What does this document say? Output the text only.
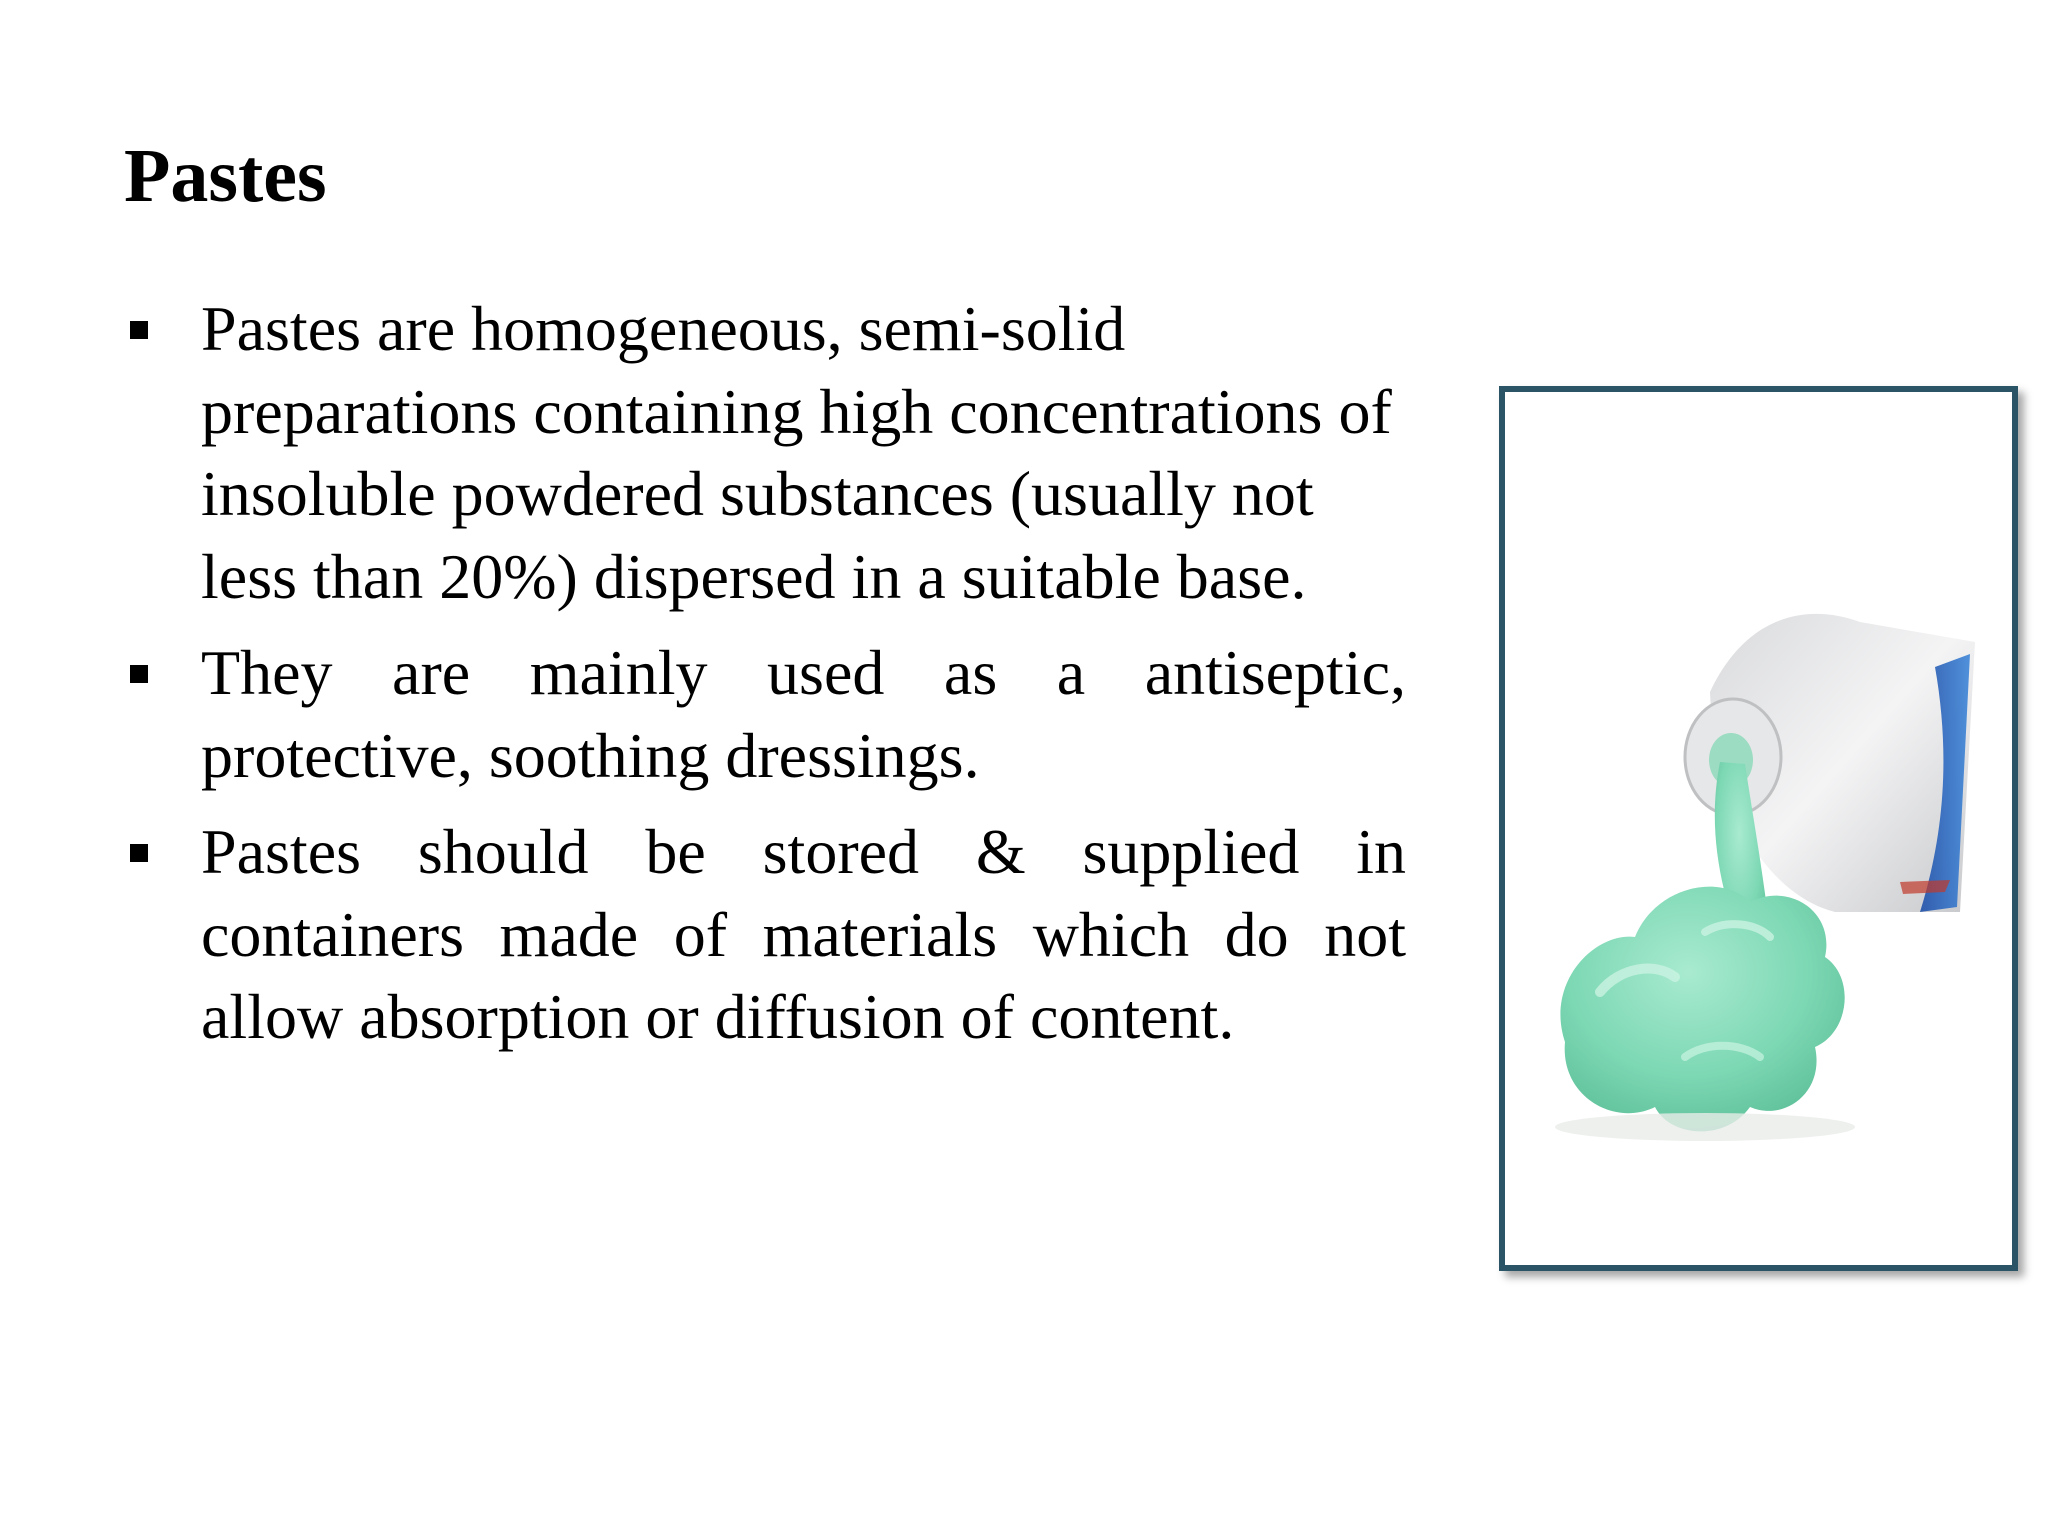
Pastes
Pastes are homogeneous, semi-solid preparations containing high concentrations of insoluble powdered substances (usually not less than 20%) dispersed in a suitable base.
They are mainly used as a antiseptic, protective, soothing dressings.
Pastes should be stored & supplied in containers made of materials which do not allow absorption or diffusion of content.
